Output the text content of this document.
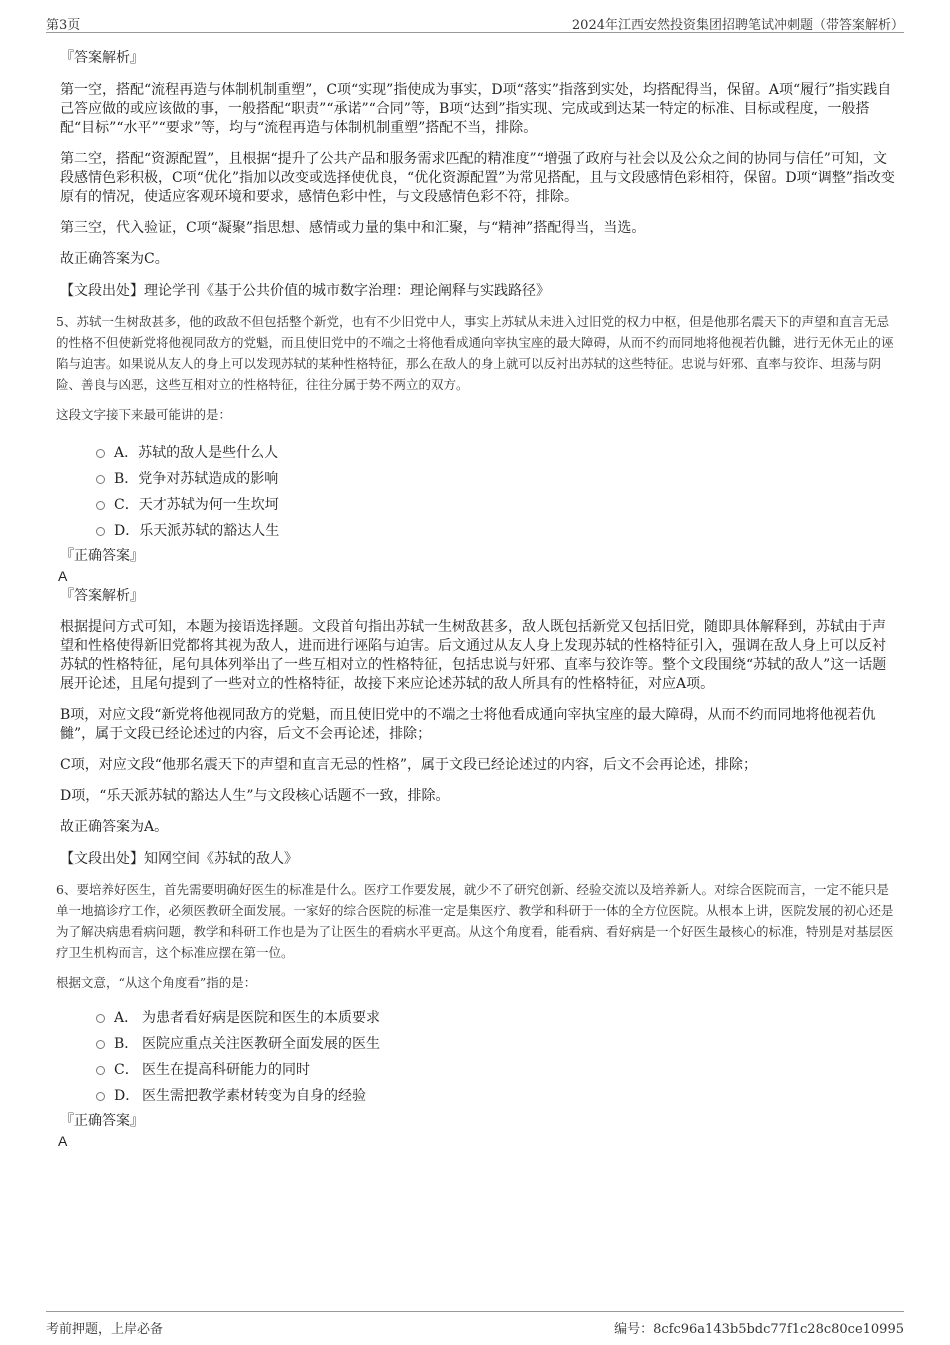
第3页	2024年江西安然投资集团招聘笔试冲刺题（带答案解析）

『答案解析』

第一空，搭配“流程再造与体制机制重塑”，C项“实现”指使成为事实，D项“落实”指落到实处，均搭配得当，保留。A项“履行”指实践自己答应做的或应该做的事，一般搭配“职责”“承诺”“合同”等，B项“达到”指实现、完成或到达某一特定的标准、目标或程度，一般搭配“目标”“水平”“要求”等，均与“流程再造与体制机制重塑”搭配不当，排除。

第二空，搭配“资源配置”，且根据“提升了公共产品和服务需求匹配的精准度”“增强了政府与社会以及公众之间的协同与信任”可知，文段感情色彩积极，C项“优化”指加以改变或选择使优良，“优化资源配置”为常见搭配，且与文段感情色彩相符，保留。D项“调整”指改变原有的情况，使适应客观环境和要求，感情色彩中性，与文段感情色彩不符，排除。

第三空，代入验证，C项“凝聚”指思想、感情或力量的集中和汇聚，与“精神”搭配得当，当选。

故正确答案为C。

【文段出处】理论学刊《基于公共价值的城市数字治理：理论阐释与实践路径》

5、苏轼一生树敌甚多，他的政敌不但包括整个新党，也有不少旧党中人，事实上苏轼从未进入过旧党的权力中枢，但是他那名震天下的声望和直言无忌的性格不但使新党将他视同敌方的党魁，而且使旧党中的不端之士将他看成通向宰执宝座的最大障碍，从而不约而同地将他视若仇雠，进行无休无止的诬陷与迫害。如果说从友人的身上可以发现苏轼的某种性格特征，那么在敌人的身上就可以反衬出苏轼的这些特征。忠说与奸邪、直率与狡诈、坦荡与阴险、善良与凶恶，这些互相对立的性格特征，往往分属于势不两立的双方。

这段文字接下来最可能讲的是：

A．苏轼的敌人是些什么人
B．党争对苏轼造成的影响
C．天才苏轼为何一生坎坷
D．乐天派苏轼的豁达人生

『正确答案』

A

『答案解析』

根据提问方式可知，本题为接语选择题。文段首句指出苏轼一生树敌甚多，敌人既包括新党又包括旧党，随即具体解释到，苏轼由于声望和性格使得新旧党都将其视为敌人，进而进行诬陷与迫害。后文通过从友人身上发现苏轼的性格特征引入，强调在敌人身上可以反衬苏轼的性格特征，尾句具体列举出了一些互相对立的性格特征，包括忠说与奸邪、直率与狡诈等。整个文段围绕“苏轼的敌人”这一话题展开论述，且尾句提到了一些对立的性格特征，故接下来应论述苏轼的敌人所具有的性格特征，对应A项。

B项，对应文段“新党将他视同敌方的党魁，而且使旧党中的不端之士将他看成通向宰执宝座的最大障碍，从而不约而同地将他视若仇雠”，属于文段已经论述过的内容，后文不会再论述，排除；

C项，对应文段“他那名震天下的声望和直言无忌的性格”，属于文段已经论述过的内容，后文不会再论述，排除；

D项，“乐天派苏轼的豁达人生”与文段核心话题不一致，排除。

故正确答案为A。

【文段出处】知网空间《苏轼的敌人》

6、要培养好医生，首先需要明确好医生的标准是什么。医疗工作要发展，就少不了研究创新、经验交流以及培养新人。对综合医院而言，一定不能只是单一地搞诊疗工作，必须医教研全面发展。一家好的综合医院的标准一定是集医疗、教学和科研于一体的全方位医院。从根本上讲，医院发展的初心还是为了解决病患看病问题，教学和科研工作也是为了让医生的看病水平更高。从这个角度看，能看病、看好病是一个好医生最核心的标准，特别是对基层医疗卫生机构而言，这个标准应摆在第一位。

根据文意，“从这个角度看”指的是：

A． 为患者看好病是医院和医生的本质要求
B． 医院应重点关注医教研全面发展的医生
C． 医生在提高科研能力的同时
D． 医生需把教学素材转变为自身的经验

『正确答案』

A

考前押题，上岸必备	编号：8cfc96a143b5bdc77f1c28c80ce10995
